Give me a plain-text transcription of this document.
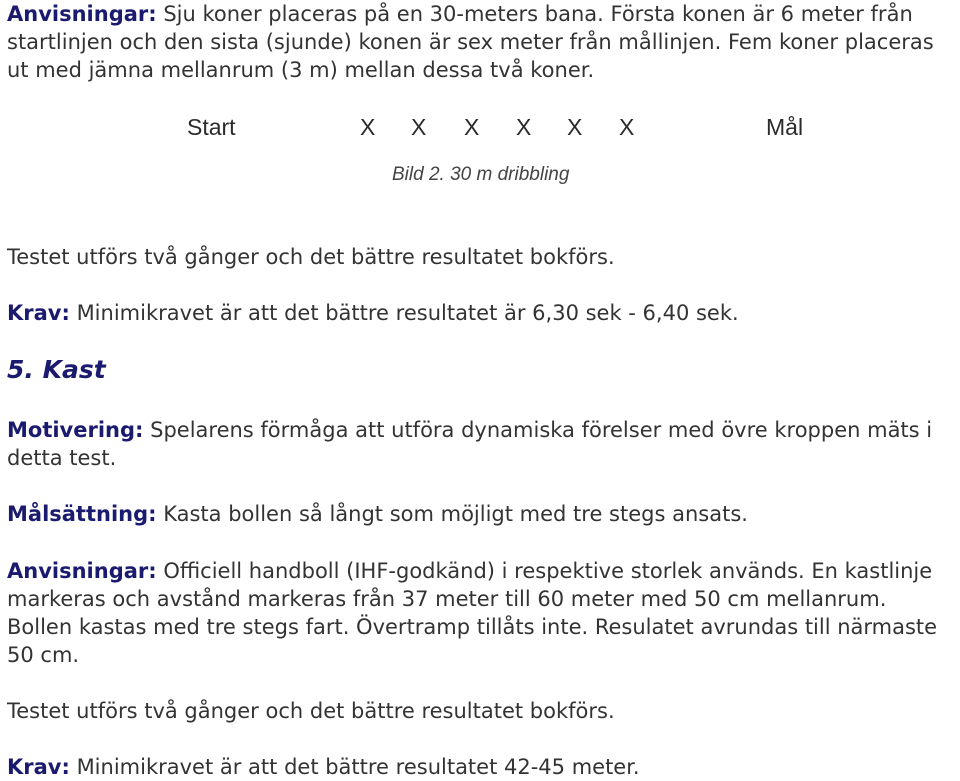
Anvisningar: Sju koner placeras på en 30-meters bana. Första konen är 6 meter från startlinjen och den sista (sjunde) konen är sex meter från mållinjen. Fem koner placeras ut med jämna mellanrum (3 m) mellan dessa två koner.

Start	X X X X X X	Mål
Bild 2. 30 m dribbling

Testet utförs två gånger och det bättre resultatet bokförs.

Krav: Minimikravet är att det bättre resultatet är 6,30 sek - 6,40 sek.

5. Kast

Motivering: Spelarens förmåga att utföra dynamiska förelser med övre kroppen mäts i detta test.

Målsättning: Kasta bollen så långt som möjligt med tre stegs ansats.

Anvisningar: Officiell handboll (IHF-godkänd) i respektive storlek används. En kastlinje markeras och avstånd markeras från 37 meter till 60 meter med 50 cm mellanrum. Bollen kastas med tre stegs fart. Övertramp tillåts inte. Resulatet avrundas till närmaste 50 cm.

Testet utförs två gånger och det bättre resultatet bokförs.

Krav: Minimikravet är att det bättre resultatet 42-45 meter.
